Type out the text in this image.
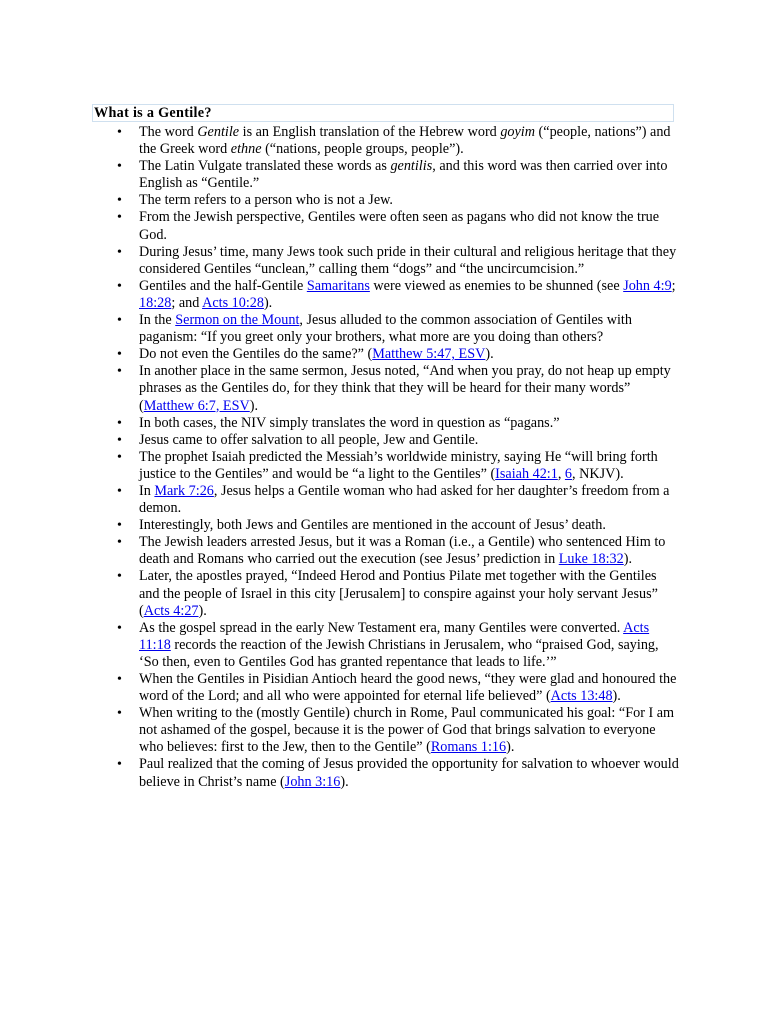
What is a Gentile?
• The word Gentile is an English translation of the Hebrew word goyim (“people, nations”) and the Greek word ethne (“nations, people groups, people”).
• The Latin Vulgate translated these words as gentilis, and this word was then carried over into English as “Gentile.”
• The term refers to a person who is not a Jew.
• From the Jewish perspective, Gentiles were often seen as pagans who did not know the true God.
• During Jesus’ time, many Jews took such pride in their cultural and religious heritage that they considered Gentiles “unclean,” calling them “dogs” and “the uncircumcision.”
• Gentiles and the half-Gentile Samaritans were viewed as enemies to be shunned (see John 4:9; 18:28; and Acts 10:28).
• In the Sermon on the Mount, Jesus alluded to the common association of Gentiles with paganism: “If you greet only your brothers, what more are you doing than others?
• Do not even the Gentiles do the same?” (Matthew 5:47, ESV).
• In another place in the same sermon, Jesus noted, “And when you pray, do not heap up empty phrases as the Gentiles do, for they think that they will be heard for their many words” (Matthew 6:7, ESV).
• In both cases, the NIV simply translates the word in question as “pagans.”
• Jesus came to offer salvation to all people, Jew and Gentile.
• The prophet Isaiah predicted the Messiah’s worldwide ministry, saying He “will bring forth justice to the Gentiles” and would be “a light to the Gentiles” (Isaiah 42:1, 6, NKJV).
• In Mark 7:26, Jesus helps a Gentile woman who had asked for her daughter’s freedom from a demon.
• Interestingly, both Jews and Gentiles are mentioned in the account of Jesus’ death.
• The Jewish leaders arrested Jesus, but it was a Roman (i.e., a Gentile) who sentenced Him to death and Romans who carried out the execution (see Jesus’ prediction in Luke 18:32).
• Later, the apostles prayed, “Indeed Herod and Pontius Pilate met together with the Gentiles and the people of Israel in this city [Jerusalem] to conspire against your holy servant Jesus” (Acts 4:27).
• As the gospel spread in the early New Testament era, many Gentiles were converted. Acts 11:18 records the reaction of the Jewish Christians in Jerusalem, who “praised God, saying, ‘So then, even to Gentiles God has granted repentance that leads to life.’”
• When the Gentiles in Pisidian Antioch heard the good news, “they were glad and honoured the word of the Lord; and all who were appointed for eternal life believed” (Acts 13:48).
• When writing to the (mostly Gentile) church in Rome, Paul communicated his goal: “For I am not ashamed of the gospel, because it is the power of God that brings salvation to everyone who believes: first to the Jew, then to the Gentile” (Romans 1:16).
• Paul realized that the coming of Jesus provided the opportunity for salvation to whoever would believe in Christ’s name (John 3:16).
